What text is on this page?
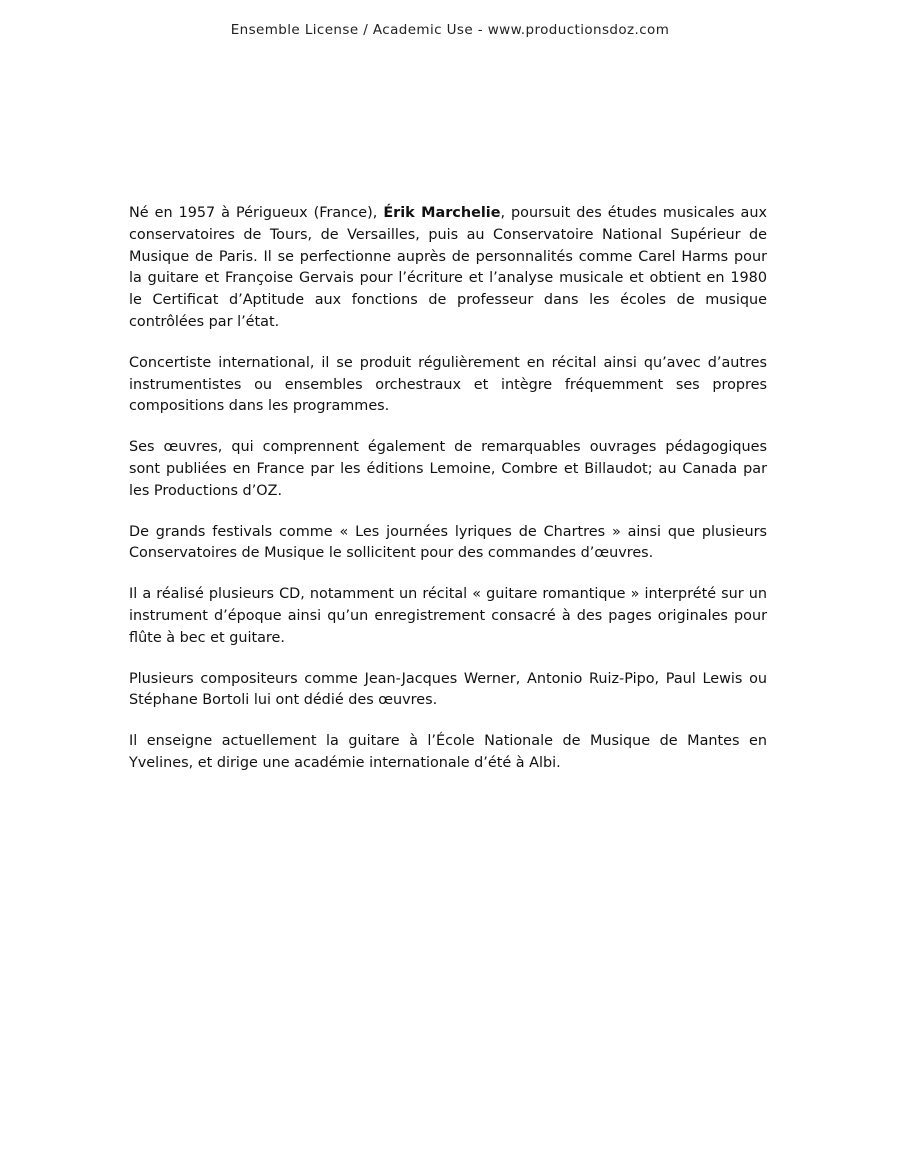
Ensemble License / Academic Use - www.productionsdoz.com

Né en 1957 à Périgueux (France), Érik Marchelie, poursuit des études musicales aux conservatoires de Tours, de Versailles, puis au Conservatoire National Supérieur de Musique de Paris. Il se perfectionne auprès de personnalités comme Carel Harms pour la guitare et Françoise Gervais pour l’écriture et l’analyse musicale et obtient en 1980 le Certificat d’Aptitude aux fonctions de professeur dans les écoles de musique contrôlées par l’état.

Concertiste international, il se produit régulièrement en récital ainsi qu’avec d’autres instrumentistes ou ensembles orchestraux et intègre fréquemment ses propres compositions dans les programmes.

Ses œuvres, qui comprennent également de remarquables ouvrages pédagogiques sont publiées en France par les éditions Lemoine, Combre et Billaudot; au Canada par les Productions d’OZ.

De grands festivals comme « Les journées lyriques de Chartres » ainsi que plusieurs Conservatoires de Musique le sollicitent pour des commandes d’œuvres.

Il a réalisé plusieurs CD, notamment un récital « guitare romantique » interprété sur un instrument d’époque ainsi qu’un enregistrement consacré à des pages originales pour flûte à bec et guitare.

Plusieurs compositeurs comme Jean-Jacques Werner, Antonio Ruiz-Pipo, Paul Lewis ou Stéphane Bortoli lui ont dédié des œuvres.

Il enseigne actuellement la guitare à l’École Nationale de Musique de Mantes en Yvelines, et dirige une académie internationale d’été à Albi.
